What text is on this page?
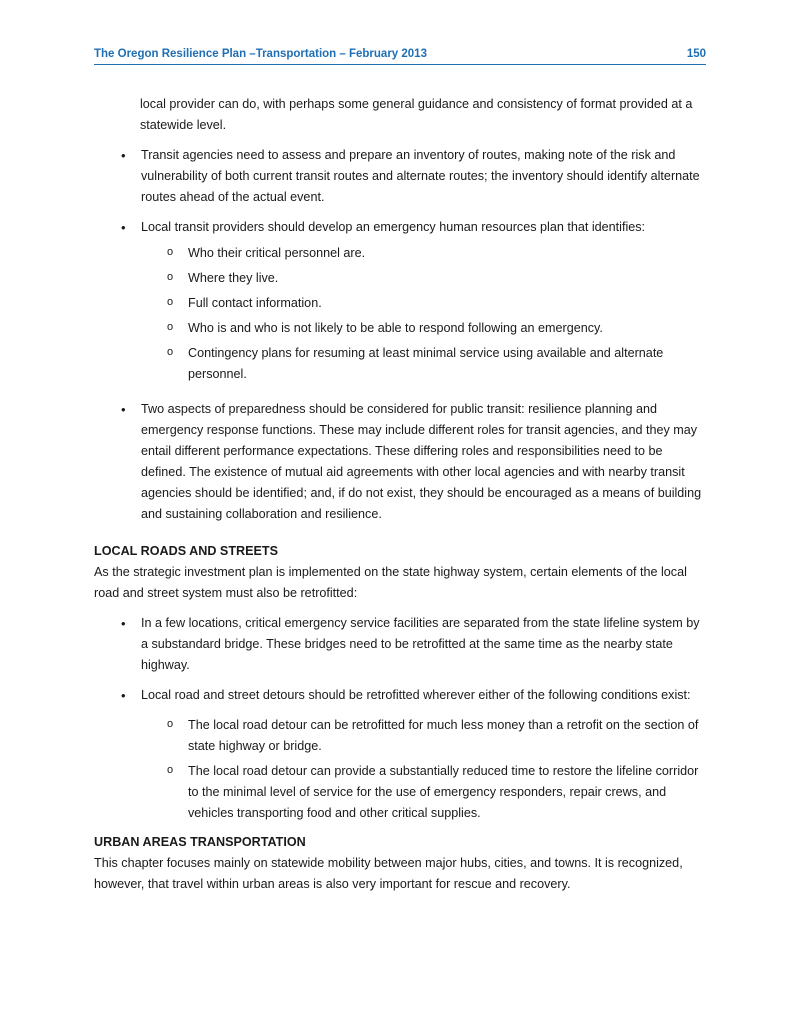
The Oregon Resilience Plan –Transportation – February 2013	150

local provider can do, with perhaps some general guidance and consistency of format provided at a statewide level.

• Transit agencies need to assess and prepare an inventory of routes, making note of the risk and vulnerability of both current transit routes and alternate routes; the inventory should identify alternate routes ahead of the actual event.
• Local transit providers should develop an emergency human resources plan that identifies:
o Who their critical personnel are.
o Where they live.
o Full contact information.
o Who is and who is not likely to be able to respond following an emergency.
o Contingency plans for resuming at least minimal service using available and alternate personnel.
• Two aspects of preparedness should be considered for public transit: resilience planning and emergency response functions. These may include different roles for transit agencies, and they may entail different performance expectations. These differing roles and responsibilities need to be defined. The existence of mutual aid agreements with other local agencies and with nearby transit agencies should be identified; and, if do not exist, they should be encouraged as a means of building and sustaining collaboration and resilience.

LOCAL ROADS AND STREETS

As the strategic investment plan is implemented on the state highway system, certain elements of the local road and street system must also be retrofitted:

• In a few locations, critical emergency service facilities are separated from the state lifeline system by a substandard bridge. These bridges need to be retrofitted at the same time as the nearby state highway.
• Local road and street detours should be retrofitted wherever either of the following conditions exist:
o The local road detour can be retrofitted for much less money than a retrofit on the section of state highway or bridge.
o The local road detour can provide a substantially reduced time to restore the lifeline corridor to the minimal level of service for the use of emergency responders, repair crews, and vehicles transporting food and other critical supplies.

URBAN AREAS TRANSPORTATION

This chapter focuses mainly on statewide mobility between major hubs, cities, and towns. It is recognized, however, that travel within urban areas is also very important for rescue and recovery.
